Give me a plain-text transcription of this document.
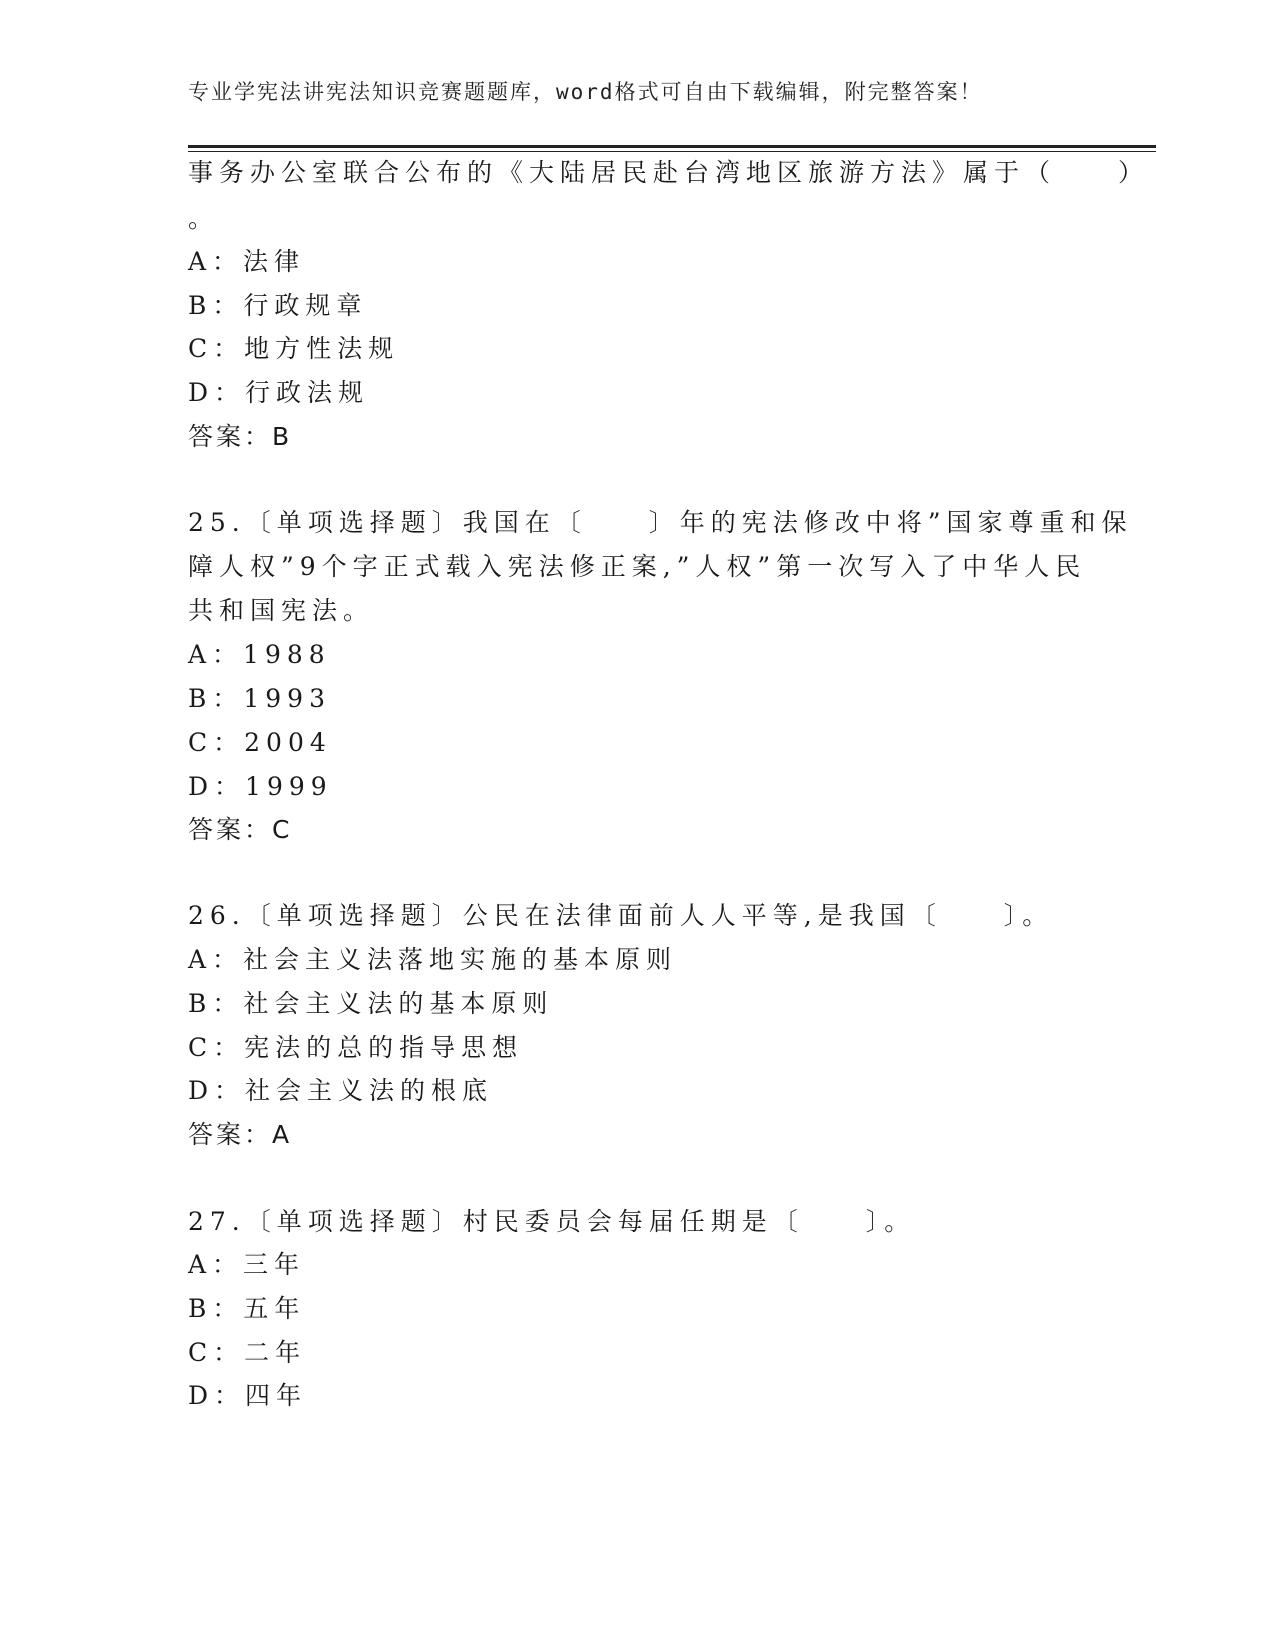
专业学宪法讲宪法知识竞赛题题库，word格式可自由下载编辑，附完整答案！
事务办公室联合公布的《大陆居民赴台湾地区旅游方法》属于（　　）
。
A：法律
B：行政规章
C：地方性法规
D：行政法规
答案：B
25.〔单项选择题〕我国在〔　　〕年的宪法修改中将”国家尊重和保
障人权”9个字正式载入宪法修正案,”人权”第一次写入了中华人民
共和国宪法。
A：1988
B：1993
C：2004
D：1999
答案：C
26.〔单项选择题〕公民在法律面前人人平等,是我国〔　　〕。
A：社会主义法落地实施的基本原则
B：社会主义法的基本原则
C：宪法的总的指导思想
D：社会主义法的根底
答案：A
27.〔单项选择题〕村民委员会每届任期是〔　　〕。
A：三年
B：五年
C：二年
D：四年
